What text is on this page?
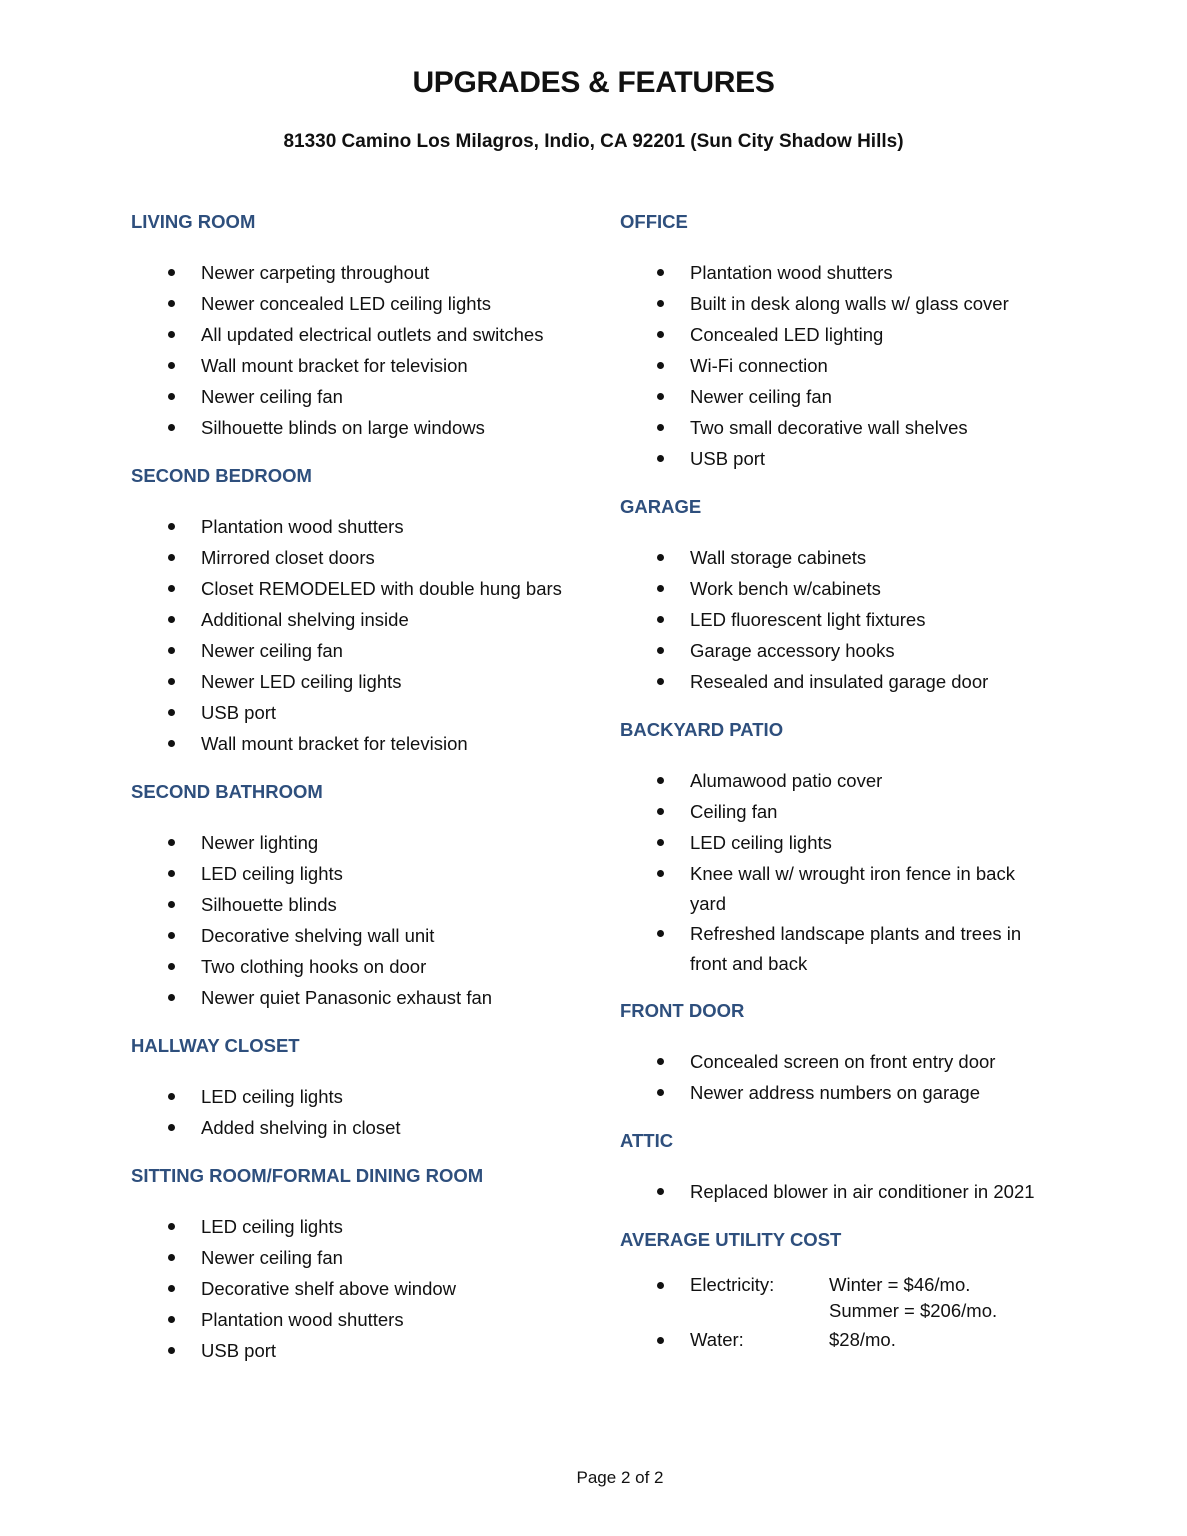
UPGRADES & FEATURES
81330 Camino Los Milagros, Indio, CA 92201 (Sun City Shadow Hills)
LIVING ROOM
Newer carpeting throughout
Newer concealed LED ceiling lights
All updated electrical outlets and switches
Wall mount bracket for television
Newer ceiling fan
Silhouette blinds on large windows
SECOND BEDROOM
Plantation wood shutters
Mirrored closet doors
Closet REMODELED with double hung bars
Additional shelving inside
Newer ceiling fan
Newer LED ceiling lights
USB port
Wall mount bracket for television
SECOND BATHROOM
Newer lighting
LED ceiling lights
Silhouette blinds
Decorative shelving wall unit
Two clothing hooks on door
Newer quiet Panasonic exhaust fan
HALLWAY CLOSET
LED ceiling lights
Added shelving in closet
SITTING ROOM/FORMAL DINING ROOM
LED ceiling lights
Newer ceiling fan
Decorative shelf above window
Plantation wood shutters
USB port
OFFICE
Plantation wood shutters
Built in desk along walls w/ glass cover
Concealed LED lighting
Wi-Fi connection
Newer ceiling fan
Two small decorative wall shelves
USB port
GARAGE
Wall storage cabinets
Work bench w/cabinets
LED fluorescent light fixtures
Garage accessory hooks
Resealed and insulated garage door
BACKYARD PATIO
Alumawood patio cover
Ceiling fan
LED ceiling lights
Knee wall w/ wrought iron fence in back
yard
Refreshed landscape plants and trees in
front and back
FRONT DOOR
Concealed screen on front entry door
Newer address numbers on garage
ATTIC
Replaced blower in air conditioner in 2021
AVERAGE UTILITY COST
Electricity:	Winter = $46/mo.
Summer = $206/mo.
Water:	$28/mo.
Page 2 of 2
